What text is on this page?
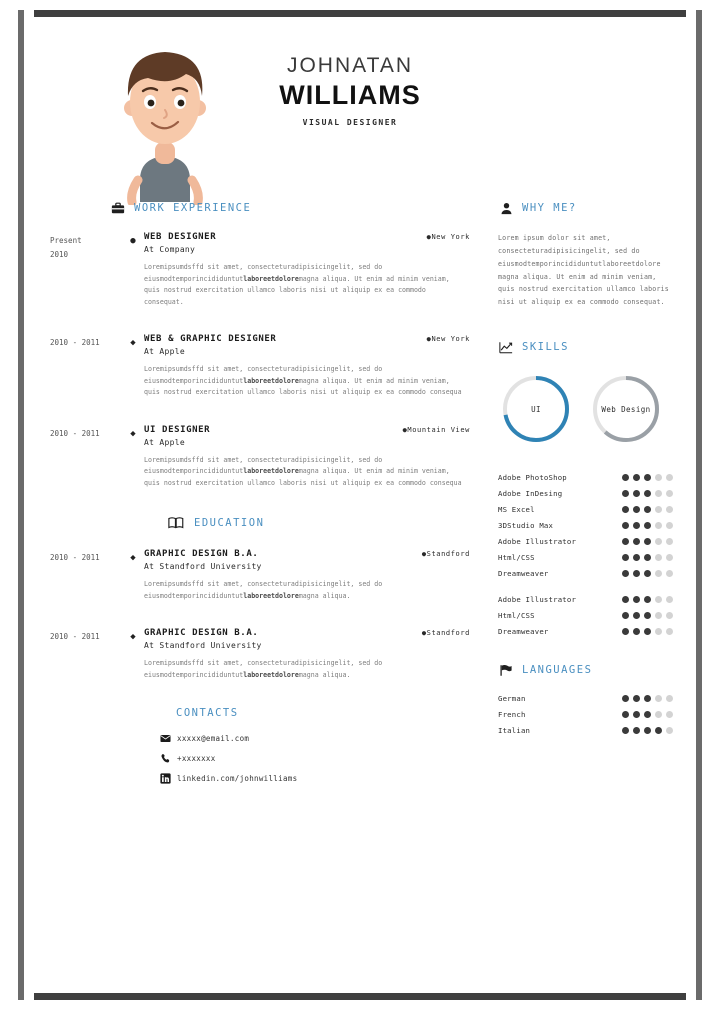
JOHNATAN
WILLIAMS
VISUAL DESIGNER
WORK EXPERIENCE
Present
2010
● WEB DESIGNER	●New York
At Company
Loremipsumdsffd sit amet, consecteturadipisicingelit, sed do eiusmodtemporincididuntutlaboreetdoloremagna aliqua. Ut enim ad minim veniam, quis nostrud exercitation ullamco laboris nisi ut aliquip ex ea commodo consequat.
2010 - 2011	◆ WEB & GRAPHIC DESIGNER	●New York
At Apple
Loremipsumdsffd sit amet, consecteturadipisicingelit, sed do eiusmodtemporincididuntutlaboreetdoloremagna aliqua. Ut enim ad minim veniam, quis nostrud exercitation ullamco laboris nisi ut aliquip ex ea commodo consequa
2010 - 2011	◆ UI DESIGNER	●Mountain View
At Apple
Loremipsumdsffd sit amet, consecteturadipisicingelit, sed do eiusmodtemporincididuntutlaboreetdoloremagna aliqua. Ut enim ad minim veniam, quis nostrud exercitation ullamco laboris nisi ut aliquip ex ea commodo consequa
EDUCATION
2010 - 2011	◆ GRAPHIC DESIGN B.A.	●Standford
At Standford University
Loremipsumdsffd sit amet, consecteturadipisicingelit, sed do eiusmodtemporincididuntutlaboreetdoloremagna aliqua.
2010 - 2011	◆ GRAPHIC DESIGN B.A.	●Standford
At Standford University
Loremipsumdsffd sit amet, consecteturadipisicingelit, sed do eiusmodtemporincididuntutlaboreetdoloremagna aliqua.
CONTACTS
xxxxx@email.com
+xxxxxxx
linkedin.com/johnwilliams
WHY ME?
Lorem ipsum dolor sit amet, consecteturadipisicingelit, sed do eiusmodtemporincididuntutlaboreetdolore magna aliqua. Ut enim ad minim veniam, quis nostrud exercitation ullamco laboris nisi ut aliquip ex ea commodo consequat.
SKILLS
UI	Web Design
Adobe PhotoShop
Adobe InDesing
MS Excel
3DStudio Max
Adobe Illustrator
Html/CSS
Dreamweaver
Adobe Illustrator
Html/CSS
Dreamweaver
LANGUAGES
German
French
Italian
